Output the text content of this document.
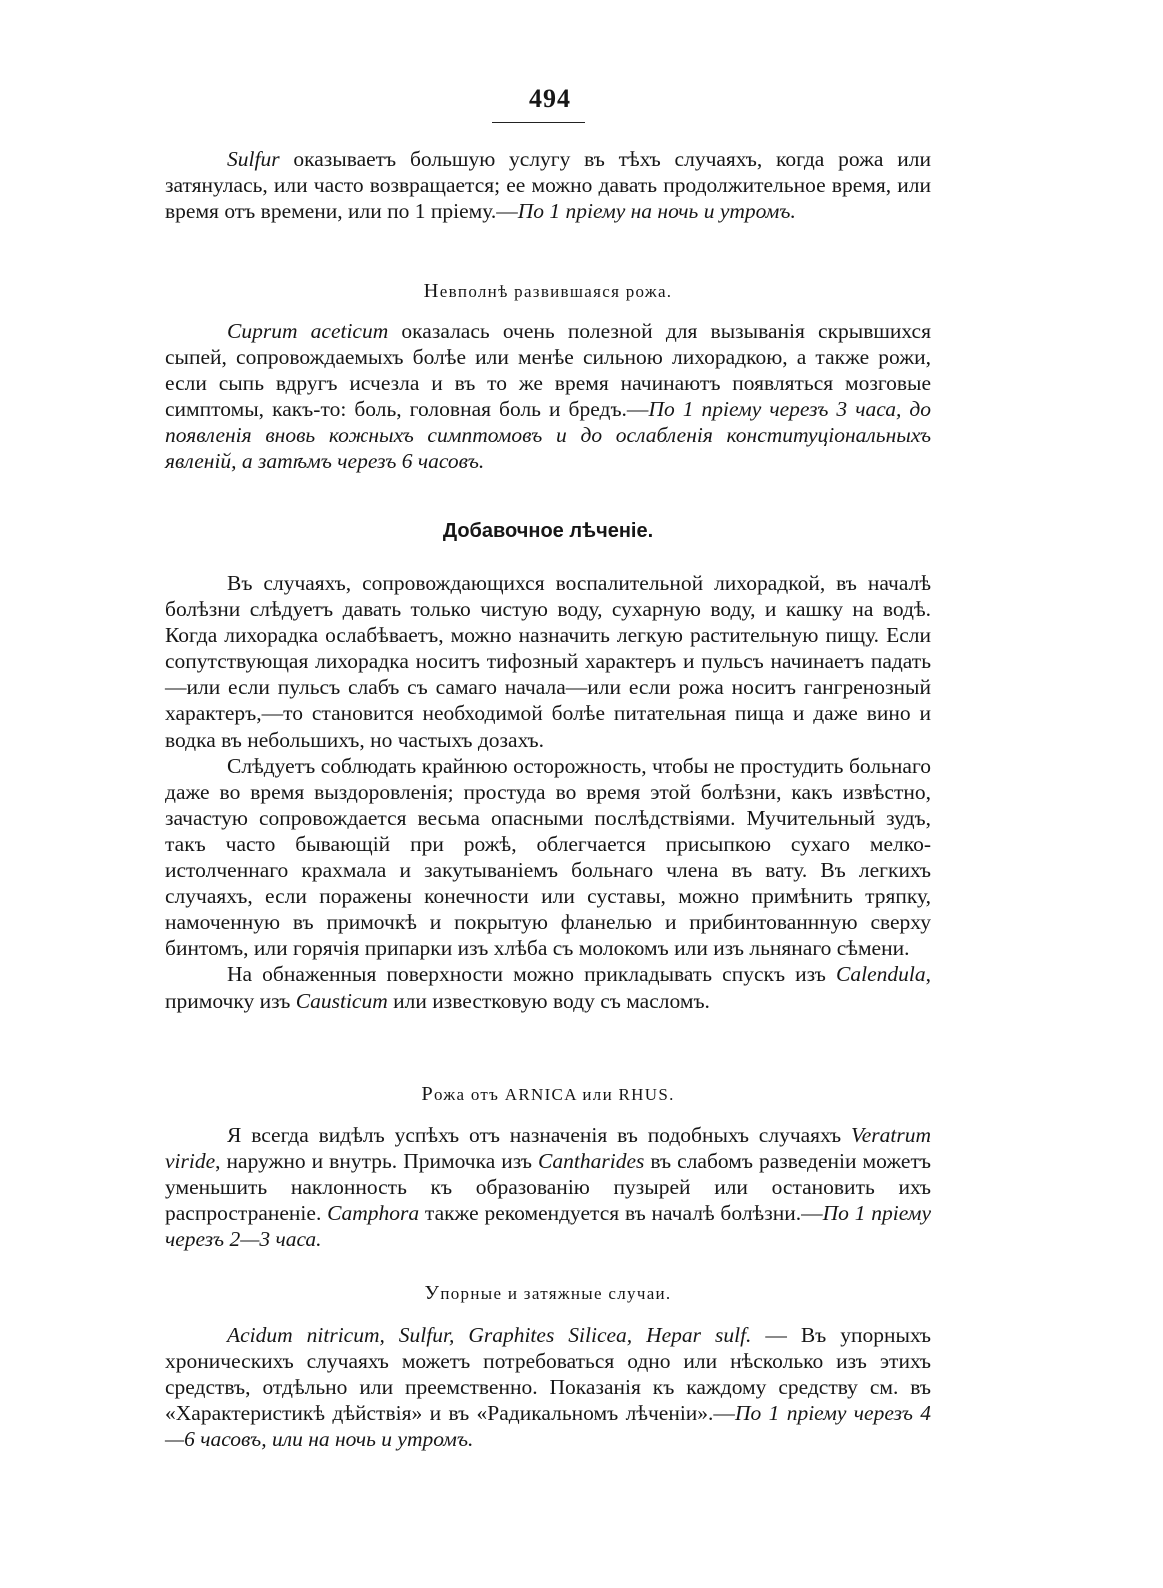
494

Sulfur оказываетъ большую услугу въ тѣхъ случаяхъ, когда рожа или затянулась, или часто возвращается; ее можно давать продолжительное время, или время отъ времени, или по 1 пріему.—По 1 пріему на ночь и утромъ.

Невполнѣ развившаяся рожа.

Cuprum aceticum оказалась очень полезной для вызыванія скрывшихся сыпей, сопровождаемыхъ болѣе или менѣе сильною лихорадкою, а также рожи, если сыпь вдругъ исчезла и въ то же время начинаютъ появляться мозговые симптомы, какъ-то: боль, головная боль и бредъ.—По 1 пріему черезъ 3 часа, до появленія вновь кожныхъ симптомовъ и до ослабленія конституціональныхъ явленій, а затѣмъ черезъ 6 часовъ.

Добавочное лѣченіе.

Въ случаяхъ, сопровождающихся воспалительной лихорадкой, въ началѣ болѣзни слѣдуетъ давать только чистую воду, сухарную воду, и кашку на водѣ. Когда лихорадка ослабѣваетъ, можно назначить легкую растительную пищу. Если сопутствующая лихорадка носитъ тифозный характеръ и пульсъ начинаетъ падать—или если пульсъ слабъ съ самаго начала—или если рожа носитъ гангренозный характеръ,—то становится необходимой болѣе питательная пища и даже вино и водка въ небольшихъ, но частыхъ дозахъ.

Слѣдуетъ соблюдать крайнюю осторожность, чтобы не простудить больнаго даже во время выздоровленія; простуда во время этой болѣзни, какъ извѣстно, зачастую сопровождается весьма опасными послѣдствіями. Мучительный зудъ, такъ часто бывающій при рожѣ, облегчается присыпкою сухаго мелко-истолченнаго крахмала и закутываніемъ больнаго члена въ вату. Въ легкихъ случаяхъ, если поражены конечности или суставы, можно примѣнить тряпку, намоченную въ примочкѣ и покрытую фланелью и прибинтованнную сверху бинтомъ, или горячія припарки изъ хлѣба съ молокомъ или изъ льнянаго сѣмени.

На обнаженныя поверхности можно прикладывать спускъ изъ Calendula, примочку изъ Causticum или известковую воду съ масломъ.

Рожа отъ ARNICA или RHUS.

Я всегда видѣлъ успѣхъ отъ назначенія въ подобныхъ случаяхъ Veratrum viride, наружно и внутрь. Примочка изъ Cantharides въ слабомъ разведеніи можетъ уменьшить наклонность къ образованію пузырей или остановить ихъ распространеніе. Camphora также рекомендуется въ началѣ болѣзни.—По 1 пріему черезъ 2—3 часа.

Упорные и затяжные случаи.

Acidum nitricum, Sulfur, Graphites Silicea, Hepar sulf. — Въ упорныхъ хроническихъ случаяхъ можетъ потребоваться одно или нѣсколько изъ этихъ средствъ, отдѣльно или преемственно. Показанія къ каждому средству см. въ «Характеристикѣ дѣйствія» и въ «Радикальномъ лѣченіи».—По 1 пріему черезъ 4—6 часовъ, или на ночь и утромъ.
